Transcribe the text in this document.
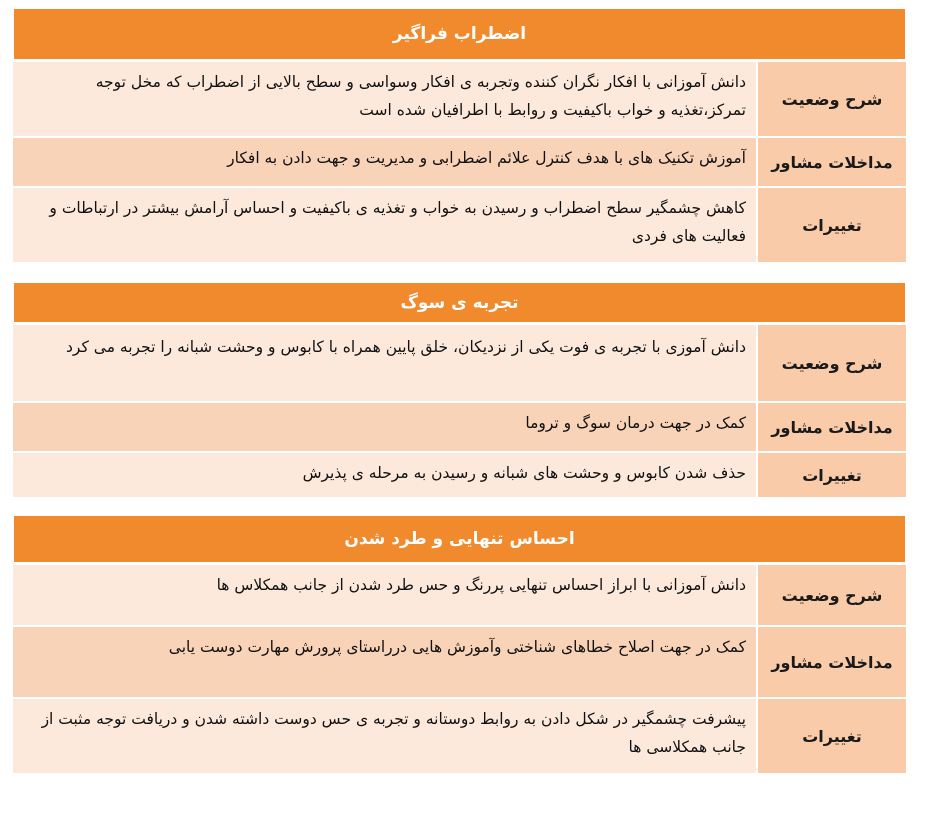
اضطراب فراگیر
شرح وضعیت
دانش آموزانی با افکار نگران کننده وتجربه ی افکار وسواسی و سطح بالایی از اضطراب که مخل توجه تمرکز،تغذیه و خواب باکیفیت و روابط با اطرافیان شده است
مداخلات مشاور
آموزش تکنیک های با هدف کنترل علائم اضطرابی و مدیریت و جهت دادن به افکار
تغییرات
کاهش چشمگیر سطح اضطراب و رسیدن به خواب و تغذیه ی باکیفیت و احساس آرامش بیشتر در ارتباطات و فعالیت های فردی
تجربه ی سوگ
شرح وضعیت
دانش آموزی با تجربه ی فوت یکی از نزدیکان، خلق پایین همراه با کابوس و وحشت شبانه را تجربه می کرد
مداخلات مشاور
کمک در جهت درمان سوگ و تروما
تغییرات
حذف شدن کابوس و وحشت های شبانه و رسیدن به مرحله ی پذیرش
احساس تنهایی و طرد شدن
شرح وضعیت
دانش آموزانی با ابراز احساس تنهایی پررنگ و حس طرد شدن از جانب همکلاس ها
مداخلات مشاور
کمک در جهت اصلاح خطاهای شناختی وآموزش هایی درراستای پرورش مهارت دوست یابی
تغییرات
پیشرفت چشمگیر در شکل دادن به روابط دوستانه و تجربه ی حس دوست داشته شدن و دریافت توجه مثبت از جانب همکلاسی ها
